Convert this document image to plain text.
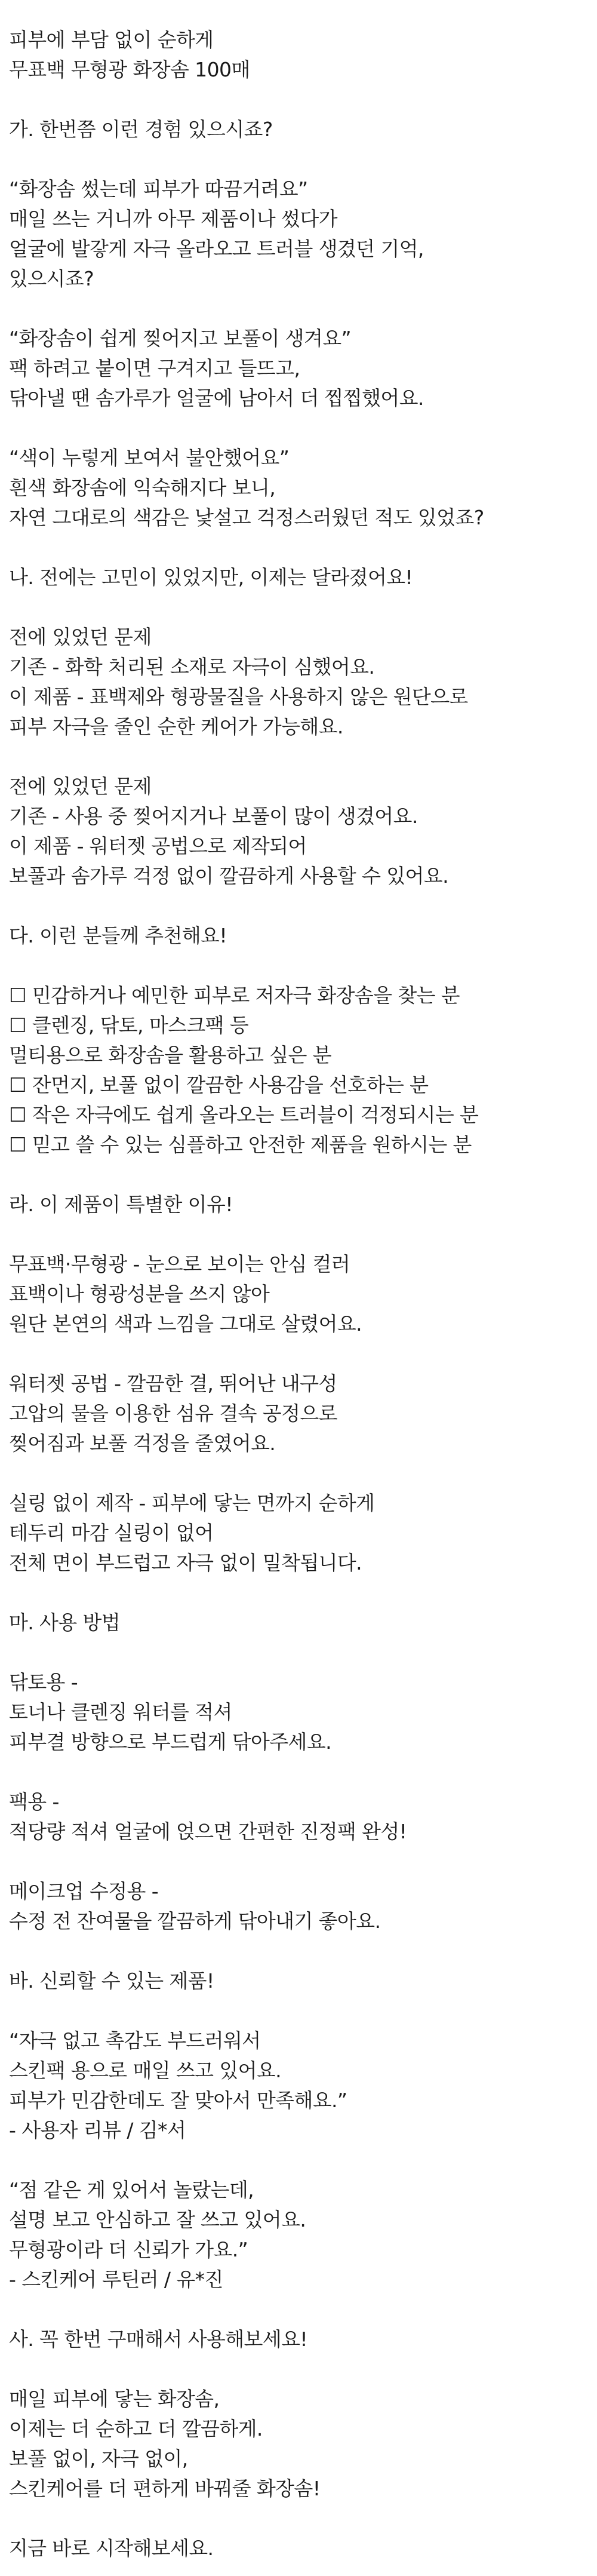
피부에 부담 없이 순하게
무표백 무형광 화장솜 100매
가. 한번쯤 이런 경험 있으시죠?
“화장솜 썼는데 피부가 따끔거려요”
매일 쓰는 거니까 아무 제품이나 썼다가
얼굴에 발갛게 자극 올라오고 트러블 생겼던 기억,
있으시죠?
“화장솜이 쉽게 찢어지고 보풀이 생겨요”
팩 하려고 붙이면 구겨지고 들뜨고,
닦아낼 땐 솜가루가 얼굴에 남아서 더 찝찝했어요.
“색이 누렇게 보여서 불안했어요”
흰색 화장솜에 익숙해지다 보니,
자연 그대로의 색감은 낯설고 걱정스러웠던 적도 있었죠?
나. 전에는 고민이 있었지만, 이제는 달라졌어요!
전에 있었던 문제
기존 - 화학 처리된 소재로 자극이 심했어요.
이 제품 - 표백제와 형광물질을 사용하지 않은 원단으로
피부 자극을 줄인 순한 케어가 가능해요.
전에 있었던 문제
기존 - 사용 중 찢어지거나 보풀이 많이 생겼어요.
이 제품 - 워터젯 공법으로 제작되어
보풀과 솜가루 걱정 없이 깔끔하게 사용할 수 있어요.
다. 이런 분들께 추천해요!
☐ 민감하거나 예민한 피부로 저자극 화장솜을 찾는 분
☐ 클렌징, 닦토, 마스크팩 등
멀티용으로 화장솜을 활용하고 싶은 분
☐ 잔먼지, 보풀 없이 깔끔한 사용감을 선호하는 분
☐ 작은 자극에도 쉽게 올라오는 트러블이 걱정되시는 분
☐ 믿고 쓸 수 있는 심플하고 안전한 제품을 원하시는 분
라. 이 제품이 특별한 이유!
무표백·무형광 - 눈으로 보이는 안심 컬러
표백이나 형광성분을 쓰지 않아
원단 본연의 색과 느낌을 그대로 살렸어요.
워터젯 공법 - 깔끔한 결, 뛰어난 내구성
고압의 물을 이용한 섬유 결속 공정으로
찢어짐과 보풀 걱정을 줄였어요.
실링 없이 제작 - 피부에 닿는 면까지 순하게
테두리 마감 실링이 없어
전체 면이 부드럽고 자극 없이 밀착됩니다.
마. 사용 방법
닦토용 -
토너나 클렌징 워터를 적셔
피부결 방향으로 부드럽게 닦아주세요.
팩용 -
적당량 적셔 얼굴에 얹으면 간편한 진정팩 완성!
메이크업 수정용 -
수정 전 잔여물을 깔끔하게 닦아내기 좋아요.
바. 신뢰할 수 있는 제품!
“자극 없고 촉감도 부드러워서
스킨팩 용으로 매일 쓰고 있어요.
피부가 민감한데도 잘 맞아서 만족해요.”
- 사용자 리뷰 / 김*서
“점 같은 게 있어서 놀랐는데,
설명 보고 안심하고 잘 쓰고 있어요.
무형광이라 더 신뢰가 가요.”
- 스킨케어 루틴러 / 유*진
사. 꼭 한번 구매해서 사용해보세요!
매일 피부에 닿는 화장솜,
이제는 더 순하고 더 깔끔하게.
보풀 없이, 자극 없이,
스킨케어를 더 편하게 바꿔줄 화장솜!
지금 바로 시작해보세요.
